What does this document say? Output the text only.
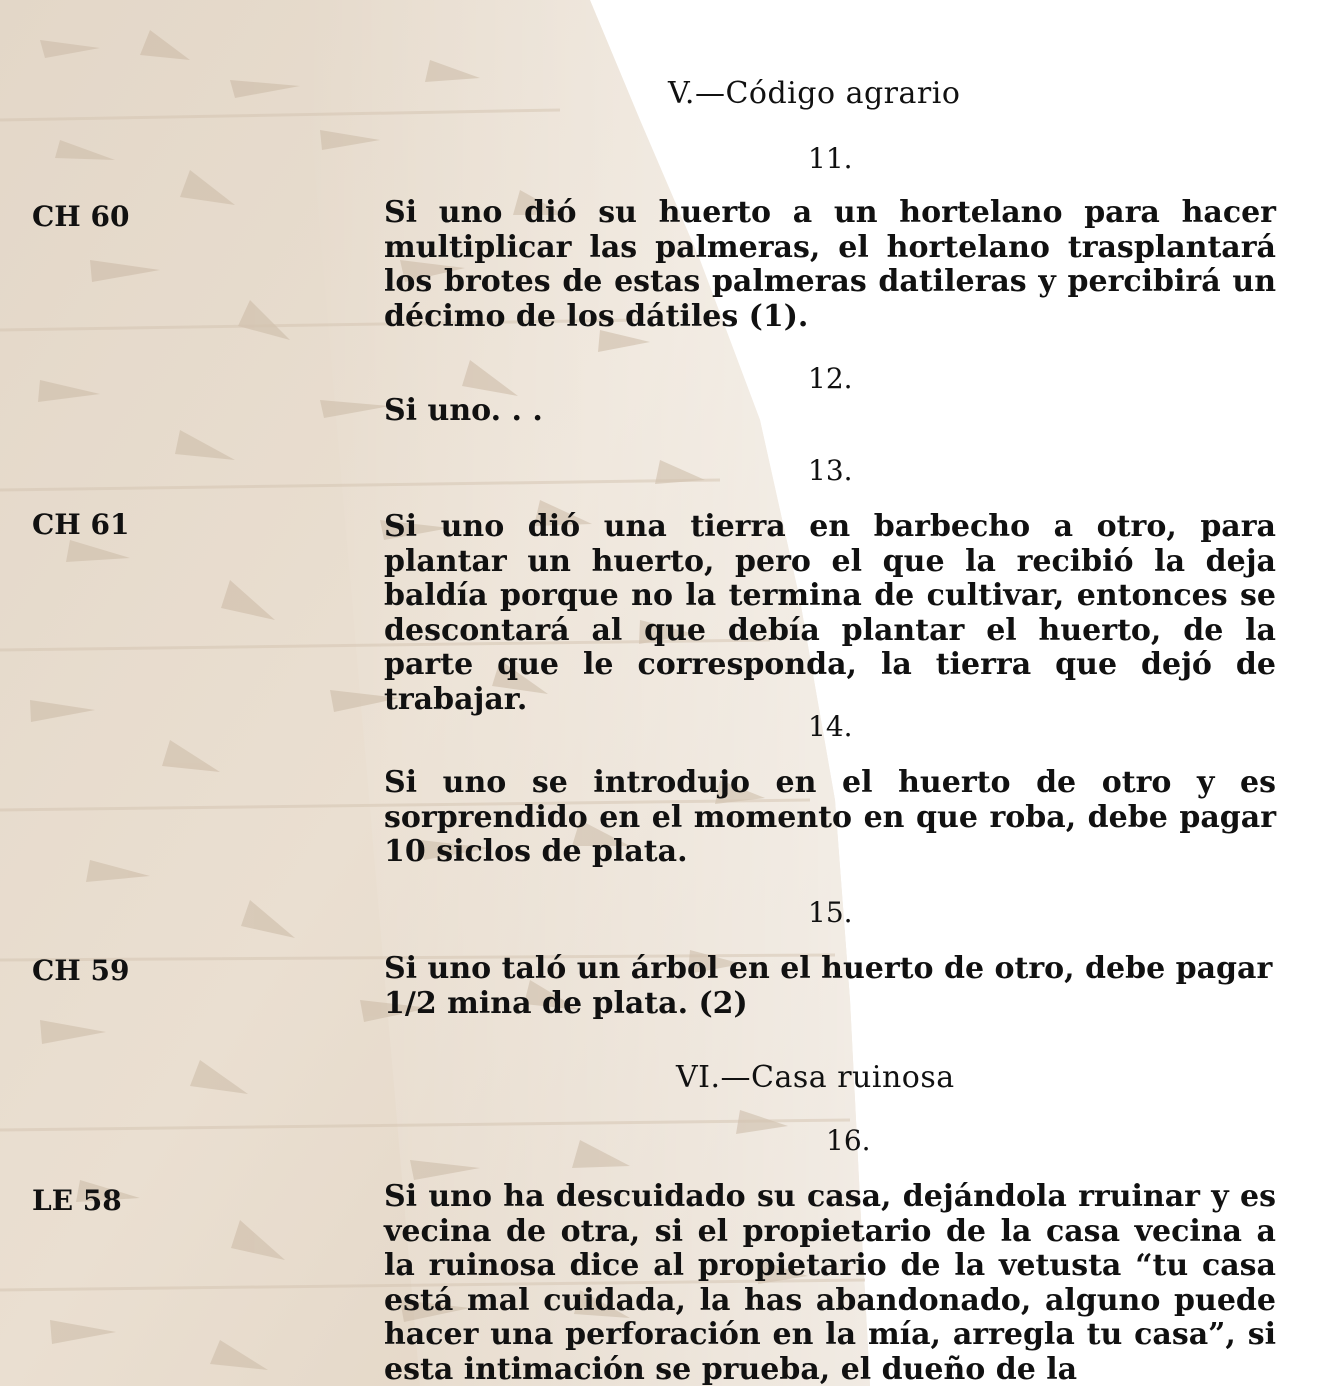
V.—Código agrario
11.
CH 60	Si uno dió su huerto a un hortelano para hacer multiplicar las palmeras, el hortelano trasplantará los brotes de estas palmeras datileras y percibirá un décimo de los dátiles (1).
12.
Si uno. . .
13.
CH 61	Si uno dió una tierra en barbecho a otro, para plantar un huerto, pero el que la recibió la deja baldía porque no la termina de cultivar, entonces se descontará al que debía plantar el huerto, de la parte que le corresponda, la tierra que dejó de trabajar.
14.
Si uno se introdujo en el huerto de otro y es sorprendido en el momento en que roba, debe pagar 10 siclos de plata.
15.
CH 59	Si uno taló un árbol en el huerto de otro, debe pagar 1/2 mina de plata. (2)
VI.—Casa ruinosa
16.
LE 58	Si uno ha descuidado su casa, dejándola rruinar y es vecina de otra, si el propietario de la casa vecina a la ruinosa dice al propietario de la vetusta “tu casa está mal cuidada, la has abandonado, alguno puede hacer una perforación en la mía, arregla tu casa”, si esta intimación se prueba, el dueño de la
